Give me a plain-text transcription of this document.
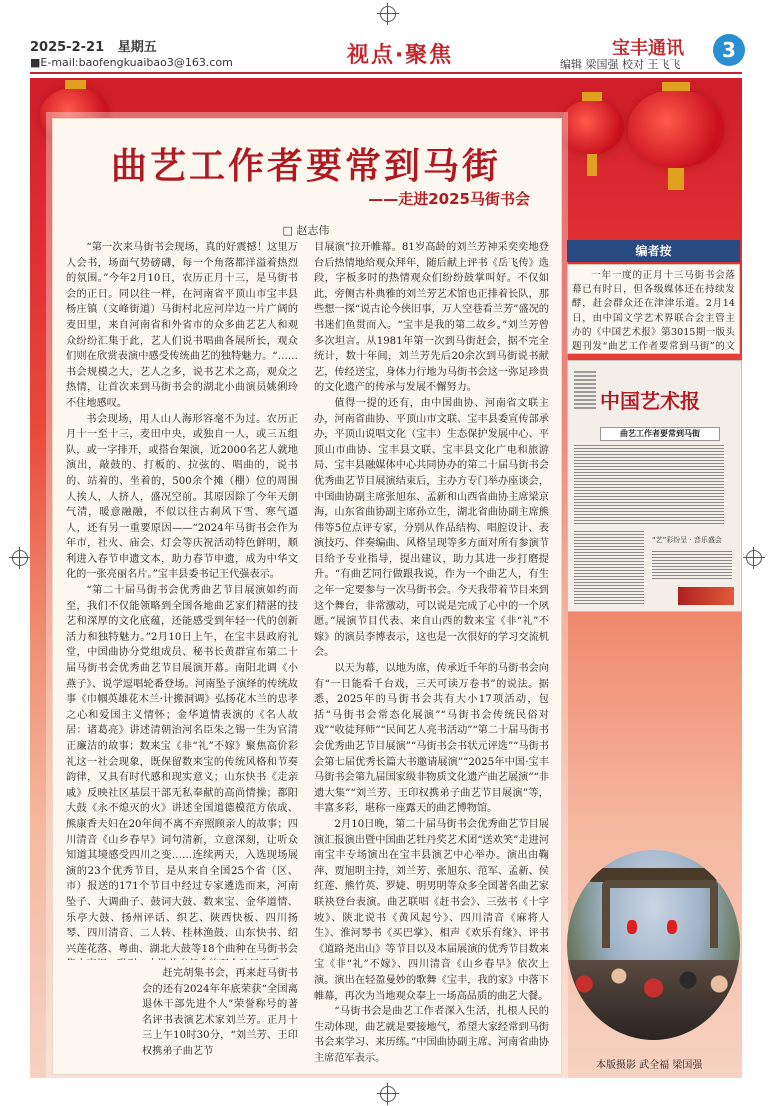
2025-2-21 星期五
■E-mail:baofengkuaibao3@163.com	视点·聚焦	宝丰通讯
编辑 梁国强 校对 王飞飞
3
曲艺工作者要常到马街
——走进2025马街书会
□ 赵志伟

“第一次来马街书会现场，真的好震撼！这里万人会书，场面气势磅礴，每一个角落都洋溢着热烈的氛围。”今年2月10日，农历正月十三，是马街书会的正日。同以往一样，在河南省平顶山市宝丰县杨庄镇（文峰街道）马街村北应河岸边一片广阔的麦田里，来自河南省和外省市的众多曲艺艺人和观众纷纷汇集于此，艺人们说书唱曲各展所长，观众们则在欣赏表演中感受传统曲艺的独特魅力。“……书会规模之大，艺人之多，说书艺术之高，观众之热情，让首次来到马街书会的湖北小曲演员姚俐玲不住地感叹。

书会现场，用人山人海形容毫不为过。农历正月十一至十三，麦田中央，或独自一人，或三五组队，或一字排开，或搭台架演，近2000名艺人就地演出，敲鼓的、打板的、拉弦的、唱曲的，说书的、站着的、坐着的，500余个摊（棚）位的周围人挨人，人挤人，盛况空前。其原因除了今年天朗气清，暖意融融，不似以往古刹风下雪、寒气逼人，还有另一重要原因——“2024年马街书会作为年市，社火、庙会、灯会等庆祝活动特色鲜明，顺利进入春节申遗文本，助力春节申遗，成为中华文化的一张亮丽名片。”宝丰县委书记王代强表示。

“第二十届马街书会优秀曲艺节目展演如约而至，我们不仅能领略到全国各地曲艺家们精湛的技艺和深厚的文化底蕴，还能感受到年轻一代的创新活力和独特魅力。”2月10日上午，在宝丰县政府礼堂，中国曲协分党组成员、秘书长黄群宣布第二十届马街书会优秀曲艺节目展演开幕。南阳北调《小燕子》、说学逗唱轮番登场。河南坠子演绎的传统故事《巾帼英雄花木兰·计搬洞调》弘扬花木兰的忠孝之心和爱国主义情怀；金华道情表演的《名人故居：诸葛亮》讲述清朝治河名臣朱之锡一生为官清正廉洁的故事；数来宝《非“礼”不嫁》聚焦高价彩礼这一社会现象，既保留数来宝的传统风格和节奏韵律，又具有时代感和现实意义；山东快书《走亲戚》反映社区基层干部无私奉献的高尚情操；都阳大鼓《永不熄灭的火》讲述全国道德模范方依成、熊康香夫妇在20年间不离不弃照顾亲人的故事；四川清音《山乡春早》词句清新，立意深刻，让听众知道其境感受四川之变……连续两天，入选现场展演的23个优秀节目，是从来自全国25个省（区、市）报送的171个节目中经过专家遴选而来，河南坠子、大调曲子、鼓词大鼓、数来宝、金华道情、乐亭大鼓、扬州评话、织艺、陕西快板、四川扬琴、四川清音、二人转、桂林渔鼓、山东快书、绍兴莲花落、粤曲、湖北大鼓等18个曲种在马街书会

赶完胡集书会，再来赶马街书会的还有2024年年底荣获“全国离退休干部先进个人”荣誉称号的著名评书表演艺术家刘兰芳。正月十三上午10时30分，“刘兰芳、王印权携弟子曲艺节

目展演”拉开帷幕。81岁高龄的刘兰芳神采奕奕地登台后热情地给观众拜年，随后献上评书《岳飞传》选段，字板多时的热情观众们纷纷鼓掌叫好。不仅如此，旁侧古朴典雅的刘兰芳艺术馆也正排着长队，那些想一探“说古论今侠旧事，万人空巷看兰芳”盛况的书迷们鱼贯而入。“宝丰是我的第二故乡。”刘兰芳曾多次坦言。从1981年第一次到马街赶会，据不完全统计，数十年间，刘兰芳先后20余次到马街说书献艺，传经送宝，身体力行地为马街书会这一弥足珍贵的文化遗产的传承与发展不懈努力。

值得一提的还有，由中国曲协、河南省文联主办，河南省曲协、平顶山市文联、宝丰县委宣传部承办，平顶山说唱文化（宝丰）生态保护发展中心、平顶山市曲协、宝丰县文联、宝丰县文化广电和旅游局、宝丰县融媒体中心共同协办的第二十届马街书会优秀曲艺节目展演结束后，主办方专门举办座谈会，中国曲协副主席张旭东、孟新和山西省曲协主席梁京海，山东省曲协副主席孙立生，湖北省曲协副主席熊伟等5位点评专家，分别从作品结构、唱腔设计、表演技巧、伴奏编曲、风格呈现等多方面对所有参演节目给予专业指导，提出建议，助力其进一步打磨提升。“有曲艺同行做跟我说，作为一个曲艺人，有生之年一定要参与一次马街书会。今天我带着节目来到这个舞台，非常激动，可以说是完成了心中的一个夙愿。”展演节目代表、来自山西的数来宝《非“礼”不嫁》的演员李博表示，这也是一次很好的学习交流机会。

以天为幕，以地为席，传承近千年的马街书会向有“一日能看千台戏，三天可读万卷书”的说法。据悉，2025年的马街书会共有大小17项活动，包括“马街书会常态化展演”“马街书会传统民俗对戏”“收徒拜师”“民间艺人亮书活动”“第二十届马街书会优秀曲艺节目展演”“马街书会书状元评选”“马街书会第七届优秀长篇大书邀请展演”“2025年中国·宝丰马街书会第九届国家级非物质文化遗产曲艺展演”“非遗大集”“刘兰芳、王印权携弟子曲艺节目展演”等，丰富多彩，堪称一座露天的曲艺博物馆。

2月10日晚，第二十届马街书会优秀曲艺节目展演汇报演出暨中国曲艺牡丹奖艺术团“送欢笑”走进河南宝丰专场演出在宝丰县演艺中心举办。演出由鞠萍、贾旭明主持，刘兰芳、张旭东、范军、孟新、侯红莲、熊竹英、罗婕、明男明等众多全国著名曲艺家联袂登台表演。曲艺联唱《赶书会》、三弦书《十字坡》、陕北说书《黄风起兮》、四川清音《麻将人生》、淮河琴书《买巴掌》、相声《欢乐有缘》、评书《道路尧出山》等节目以及本届展演的优秀节目数来宝《非“礼”不嫁》、四川清音《山乡春早》依次上演。演出在轻盈曼妙的歌舞《宝丰，我的家》中落下帷幕，再次为当地观众奉上一场高品质的曲艺大餐。

“马街书会是曲艺工作者深入生活，扎根人民的生动体现，曲艺就是要接地气，希望大家经常到马街书会来学习、来历练。”中国曲协副主席、河南省曲协主席范军表示。

编者按

一年一度的正月十三马街书会落幕已有时日，但各级媒体还在持续发酵，赶会群众还在津津乐道。2月14日，由中国文学艺术界联合会主管主办的《中国艺术报》第3015期一版头题刊发“曲艺工作者要常到马街”的文

中国艺术报
曲艺工作者要常到马街
“艺”彩纷呈 · 音乐盛会
本版摄影 武全福 梁国强
